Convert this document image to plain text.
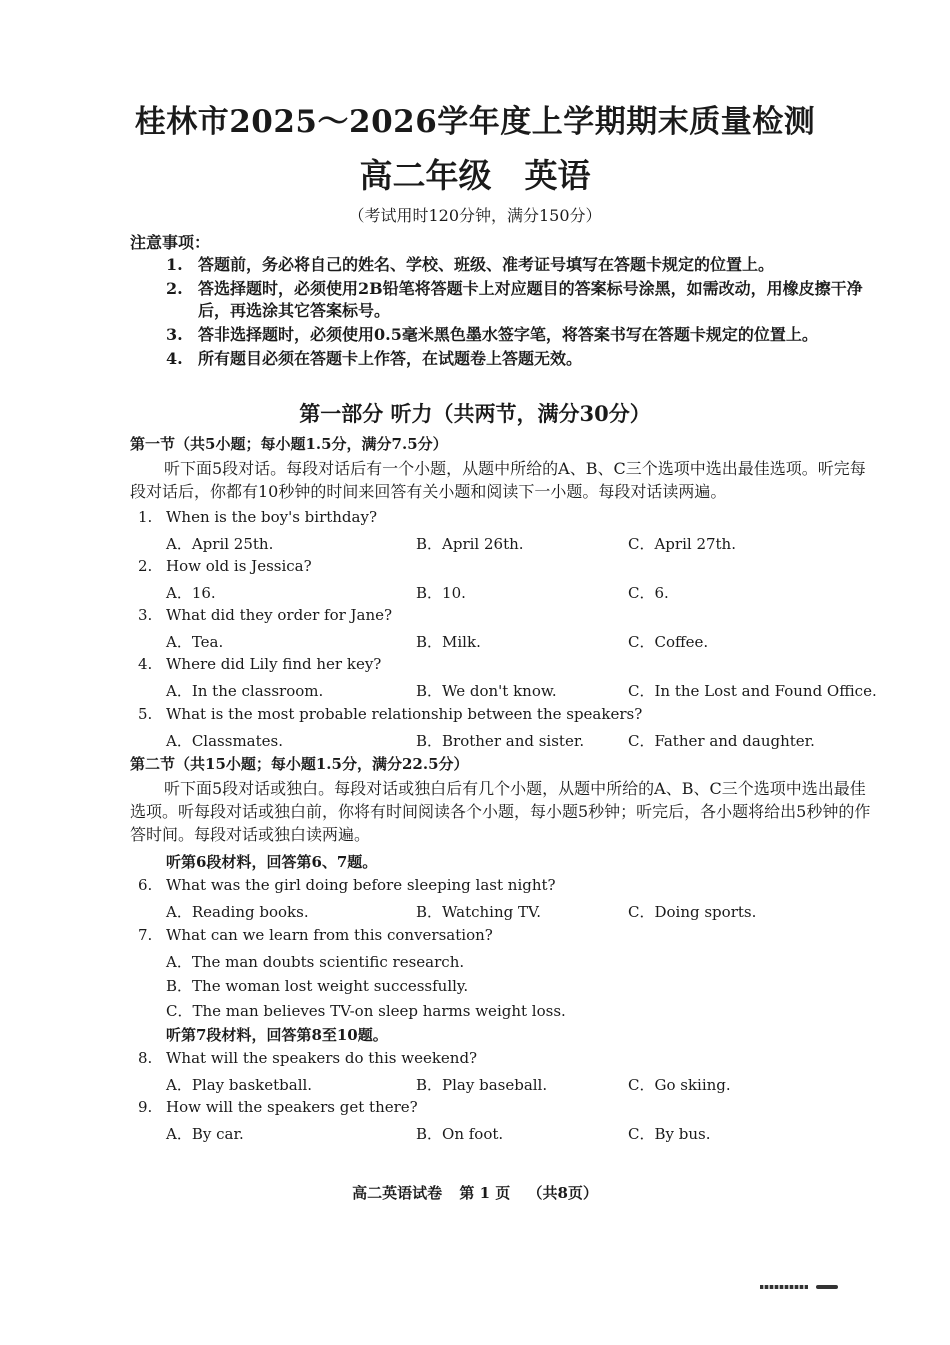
桂林市2025～2026学年度上学期期末质量检测
高二年级　英语
（考试用时120分钟，满分150分）
注意事项：
1. 答题前，务必将自己的姓名、学校、班级、准考证号填写在答题卡规定的位置上。
2. 答选择题时，必须使用2B铅笔将答题卡上对应题目的答案标号涂黑，如需改动，用橡皮擦干净后，再选涂其它答案标号。
3. 答非选择题时，必须使用0.5毫米黑色墨水签字笔，将答案书写在答题卡规定的位置上。
4. 所有题目必须在答题卡上作答，在试题卷上答题无效。
第一部分 听力（共两节，满分30分）
第一节（共5小题；每小题1.5分，满分7.5分）
听下面5段对话。每段对话后有一个小题，从题中所给的A、B、C三个选项中选出最佳选项。听完每段对话后，你都有10秒钟的时间来回答有关小题和阅读下一小题。每段对话读两遍。
1. When is the boy's birthday?
A．April 25th.	B．April 26th.	C．April 27th.
2. How old is Jessica?
A．16.	B．10.	C．6.
3. What did they order for Jane?
A．Tea.	B．Milk.	C．Coffee.
4. Where did Lily find her key?
A．In the classroom.	B．We don't know.	C．In the Lost and Found Office.
5. What is the most probable relationship between the speakers?
A．Classmates.	B．Brother and sister.	C．Father and daughter.
第二节（共15小题；每小题1.5分，满分22.5分）
听下面5段对话或独白。每段对话或独白后有几个小题，从题中所给的A、B、C三个选项中选出最佳选项。听每段对话或独白前，你将有时间阅读各个小题，每小题5秒钟；听完后，各小题将给出5秒钟的作答时间。每段对话或独白读两遍。
听第6段材料，回答第6、7题。
6. What was the girl doing before sleeping last night?
A．Reading books.	B．Watching TV.	C．Doing sports.
7. What can we learn from this conversation?
A．The man doubts scientific research.
B．The woman lost weight successfully.
C．The man believes TV-on sleep harms weight loss.
听第7段材料，回答第8至10题。
8. What will the speakers do this weekend?
A．Play basketball.	B．Play baseball.	C．Go skiing.
9. How will the speakers get there?
A．By car.	B．On foot.	C．By bus.
高二英语试卷 第 1 页 （共8页）
